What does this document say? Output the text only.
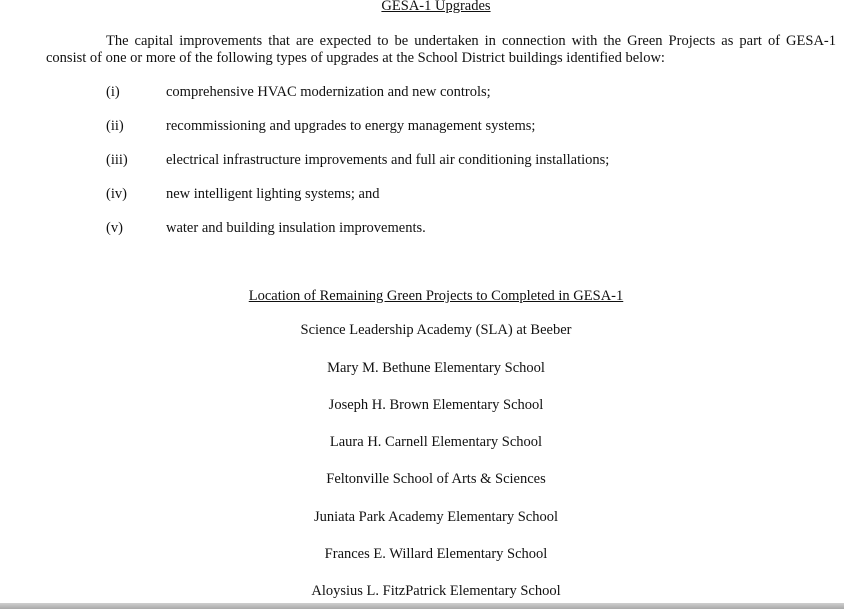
GESA-1 Upgrades
The capital improvements that are expected to be undertaken in connection with the Green Projects as part of GESA-1 consist of one or more of the following types of upgrades at the School District buildings identified below:
(i)	comprehensive HVAC modernization and new controls;
(ii)	recommissioning and upgrades to energy management systems;
(iii)	electrical infrastructure improvements and full air conditioning installations;
(iv)	new intelligent lighting systems; and
(v)	water and building insulation improvements.
Location of Remaining Green Projects to Completed in GESA-1
Science Leadership Academy (SLA) at Beeber
Mary M. Bethune Elementary School
Joseph H. Brown Elementary School
Laura H. Carnell Elementary School
Feltonville School of Arts & Sciences
Juniata Park Academy Elementary School
Frances E. Willard Elementary School
Aloysius L. FitzPatrick Elementary School
